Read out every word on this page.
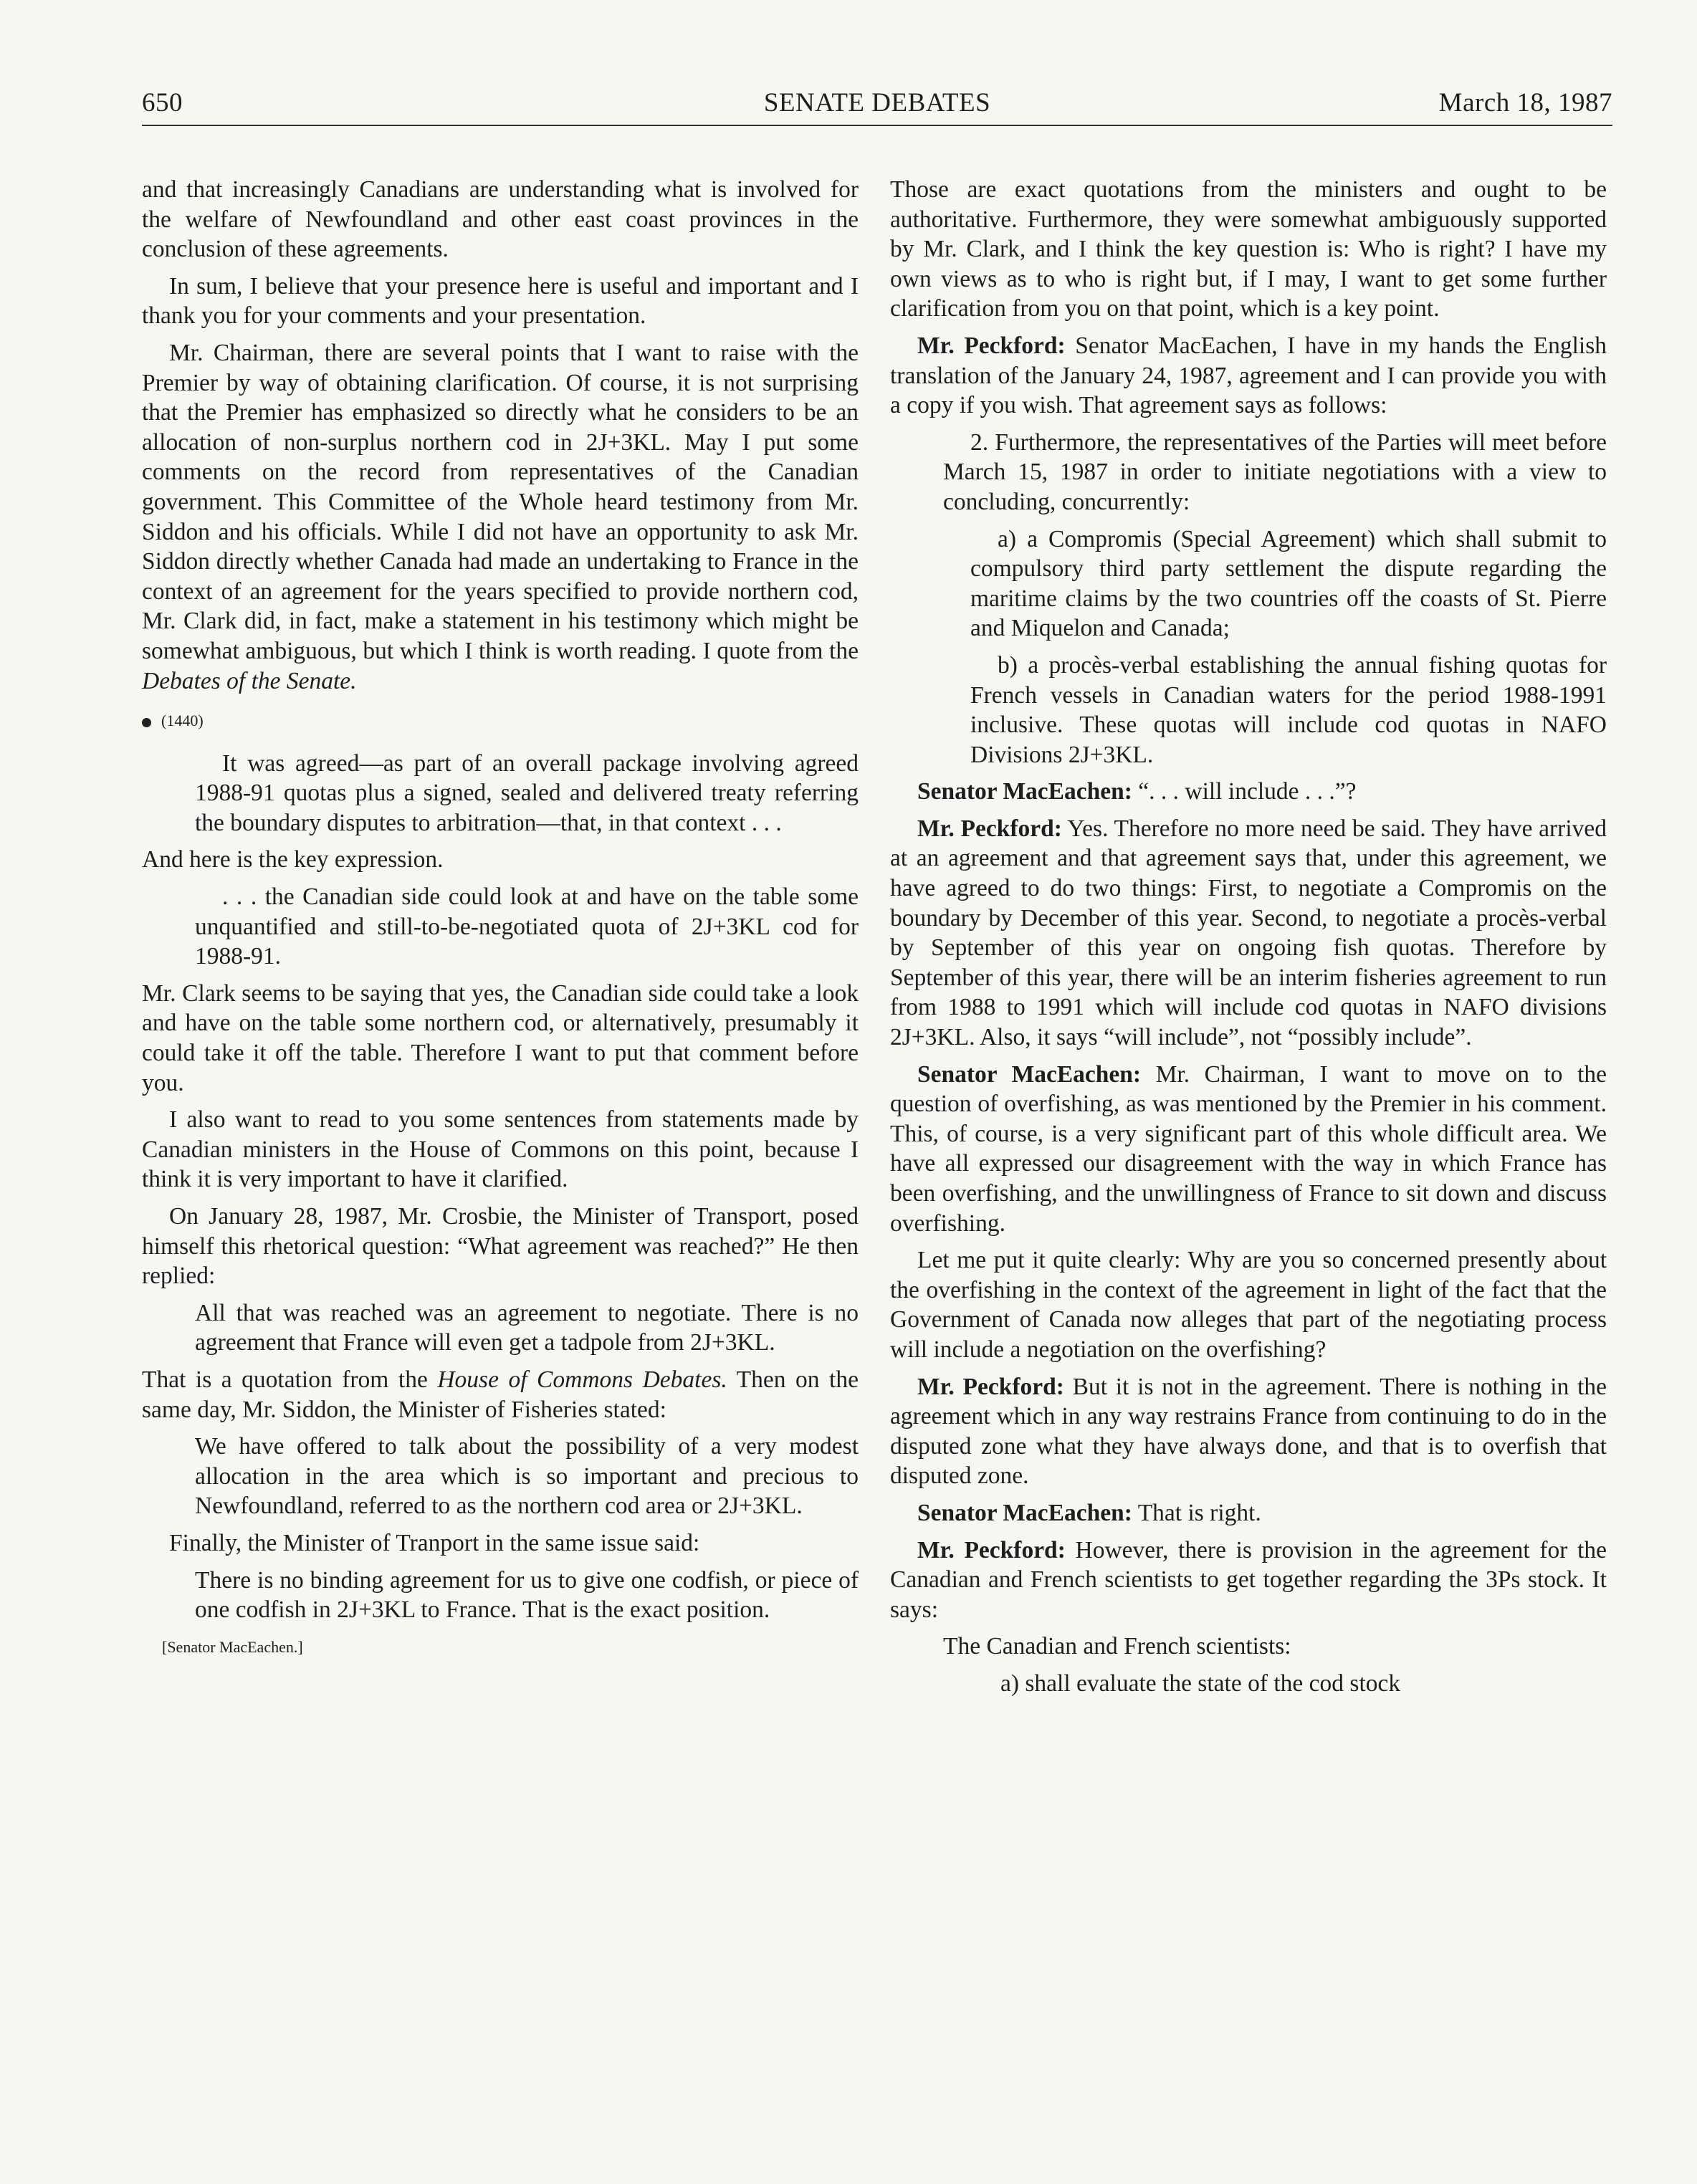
650	SENATE DEBATES	March 18, 1987

and that increasingly Canadians are understanding what is involved for the welfare of Newfoundland and other east coast provinces in the conclusion of these agreements.

In sum, I believe that your presence here is useful and important and I thank you for your comments and your presentation.

Mr. Chairman, there are several points that I want to raise with the Premier by way of obtaining clarification. Of course, it is not surprising that the Premier has emphasized so directly what he considers to be an allocation of non-surplus northern cod in 2J+3KL. May I put some comments on the record from representatives of the Canadian government. This Committee of the Whole heard testimony from Mr. Siddon and his officials. While I did not have an opportunity to ask Mr. Siddon directly whether Canada had made an undertaking to France in the context of an agreement for the years specified to provide northern cod, Mr. Clark did, in fact, make a statement in his testimony which might be somewhat ambiguous, but which I think is worth reading. I quote from the Debates of the Senate.

(1440)

It was agreed—as part of an overall package involving agreed 1988-91 quotas plus a signed, sealed and delivered treaty referring the boundary disputes to arbitration—that, in that context . . .

And here is the key expression.

. . . the Canadian side could look at and have on the table some unquantified and still-to-be-negotiated quota of 2J+3KL cod for 1988-91.

Mr. Clark seems to be saying that yes, the Canadian side could take a look and have on the table some northern cod, or alternatively, presumably it could take it off the table. Therefore I want to put that comment before you.

I also want to read to you some sentences from statements made by Canadian ministers in the House of Commons on this point, because I think it is very important to have it clarified.

On January 28, 1987, Mr. Crosbie, the Minister of Transport, posed himself this rhetorical question: “What agreement was reached?” He then replied:

All that was reached was an agreement to negotiate. There is no agreement that France will even get a tadpole from 2J+3KL.

That is a quotation from the House of Commons Debates. Then on the same day, Mr. Siddon, the Minister of Fisheries stated:

We have offered to talk about the possibility of a very modest allocation in the area which is so important and precious to Newfoundland, referred to as the northern cod area or 2J+3KL.

Finally, the Minister of Tranport in the same issue said:

There is no binding agreement for us to give one codfish, or piece of one codfish in 2J+3KL to France. That is the exact position.

[Senator MacEachen.]

Those are exact quotations from the ministers and ought to be authoritative. Furthermore, they were somewhat ambiguously supported by Mr. Clark, and I think the key question is: Who is right? I have my own views as to who is right but, if I may, I want to get some further clarification from you on that point, which is a key point.

Mr. Peckford: Senator MacEachen, I have in my hands the English translation of the January 24, 1987, agreement and I can provide you with a copy if you wish. That agreement says as follows:

2. Furthermore, the representatives of the Parties will meet before March 15, 1987 in order to initiate negotiations with a view to concluding, concurrently:

a) a Compromis (Special Agreement) which shall submit to compulsory third party settlement the dispute regarding the maritime claims by the two countries off the coasts of St. Pierre and Miquelon and Canada;

b) a procès-verbal establishing the annual fishing quotas for French vessels in Canadian waters for the period 1988-1991 inclusive. These quotas will include cod quotas in NAFO Divisions 2J+3KL.

Senator MacEachen: “. . . will include . . .”?

Mr. Peckford: Yes. Therefore no more need be said. They have arrived at an agreement and that agreement says that, under this agreement, we have agreed to do two things: First, to negotiate a Compromis on the boundary by December of this year. Second, to negotiate a procès-verbal by September of this year on ongoing fish quotas. Therefore by September of this year, there will be an interim fisheries agreement to run from 1988 to 1991 which will include cod quotas in NAFO divisions 2J+3KL. Also, it says “will include”, not “possibly include”.

Senator MacEachen: Mr. Chairman, I want to move on to the question of overfishing, as was mentioned by the Premier in his comment. This, of course, is a very significant part of this whole difficult area. We have all expressed our disagreement with the way in which France has been overfishing, and the unwillingness of France to sit down and discuss overfishing.

Let me put it quite clearly: Why are you so concerned presently about the overfishing in the context of the agreement in light of the fact that the Government of Canada now alleges that part of the negotiating process will include a negotiation on the overfishing?

Mr. Peckford: But it is not in the agreement. There is nothing in the agreement which in any way restrains France from continuing to do in the disputed zone what they have always done, and that is to overfish that disputed zone.

Senator MacEachen: That is right.

Mr. Peckford: However, there is provision in the agreement for the Canadian and French scientists to get together regarding the 3Ps stock. It says:

The Canadian and French scientists:

a) shall evaluate the state of the cod stock
